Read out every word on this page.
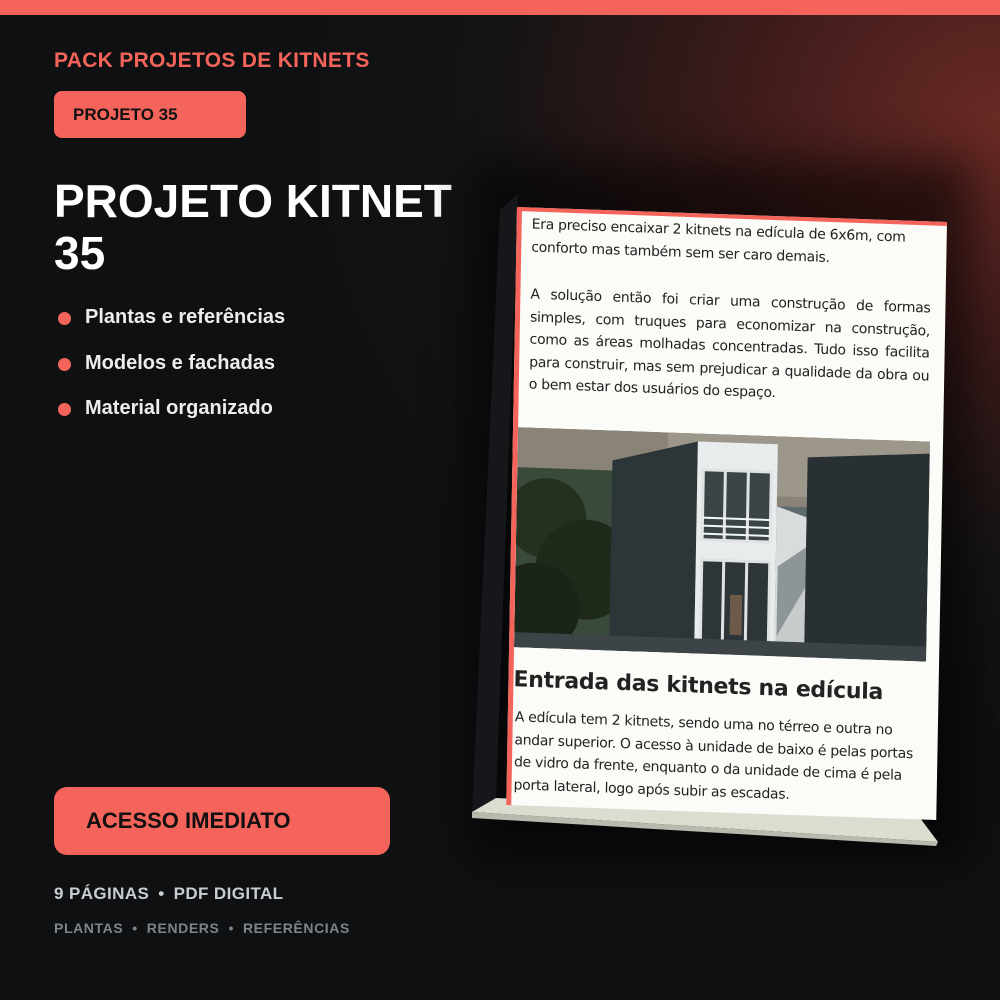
PACK PROJETOS DE KITNETS
PROJETO 35
PROJETO KITNET
35
Plantas e referências
Modelos e fachadas
Material organizado

Era preciso encaixar 2 kitnets na edícula de 6x6m, com conforto mas também sem ser caro demais.

A solução então foi criar uma construção de formas simples, com truques para economizar na construção, como as áreas molhadas concentradas. Tudo isso facilita para construir, mas sem prejudicar a qualidade da obra ou o bem estar dos usuários do espaço.

Entrada das kitnets na edícula

A edícula tem 2 kitnets, sendo uma no térreo e outra no andar superior. O acesso à unidade de baixo é pelas portas de vidro da frente, enquanto o da unidade de cima é pela porta lateral, logo após subir as escadas.

ACESSO IMEDIATO
9 PÁGINAS • PDF DIGITAL
PLANTAS • RENDERS • REFERÊNCIAS
